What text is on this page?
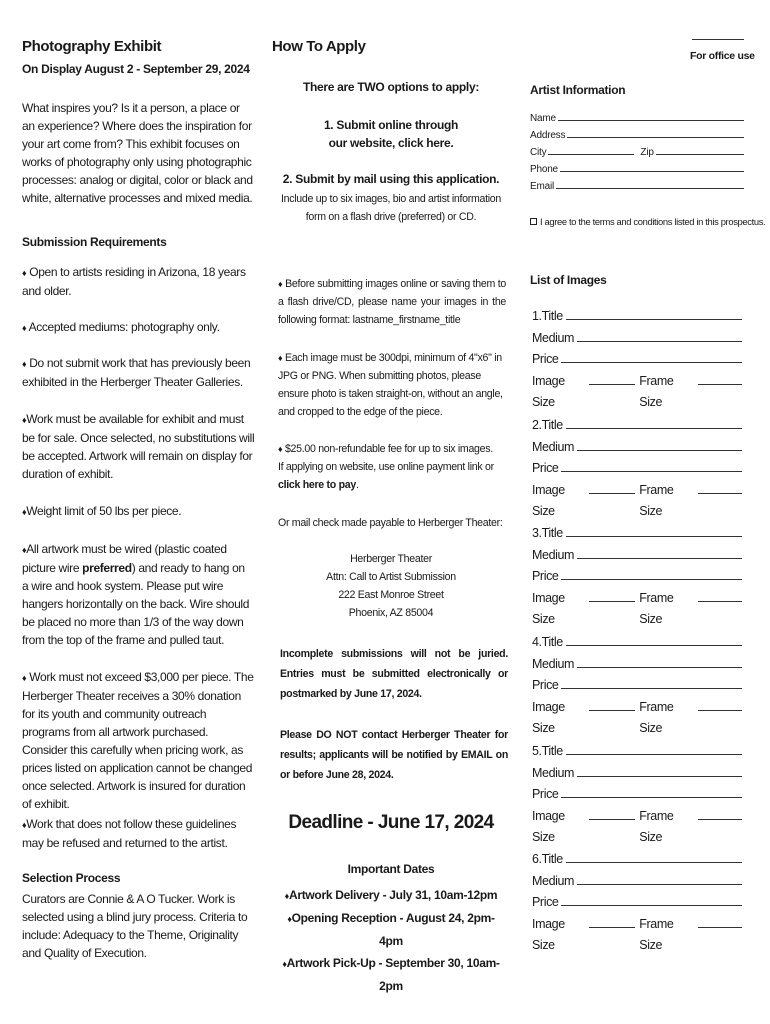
Photography Exhibit
On Display August 2 - September 29, 2024

What inspires you? Is it a person, a place or an experience? Where does the inspiration for your art come from? This exhibit focuses on works of photography only using photographic processes: analog or digital, color or black and white, alternative processes and mixed media.

Submission Requirements

♦ Open to artists residing in Arizona, 18 years and older.

♦ Accepted mediums: photography only.

♦ Do not submit work that has previously been exhibited in the Herberger Theater Galleries.

♦Work must be available for exhibit and must be for sale. Once selected, no substitutions will be accepted. Artwork will remain on display for duration of exhibit.

♦Weight limit of 50 lbs per piece.

♦All artwork must be wired (plastic coated picture wire preferred) and ready to hang on a wire and hook system. Please put wire hangers horizontally on the back. Wire should be placed no more than 1/3 of the way down from the top of the frame and pulled taut.

♦ Work must not exceed $3,000 per piece. The Herberger Theater receives a 30% donation for its youth and community outreach programs from all artwork purchased. Consider this carefully when pricing work, as prices listed on application cannot be changed once selected. Artwork is insured for duration of exhibit.

♦Work that does not follow these guidelines may be refused and returned to the artist.

Selection Process

Curators are Connie & A O Tucker. Work is selected using a blind jury process. Criteria to include: Adequacy to the Theme, Originality and Quality of Execution.

How To Apply
There are TWO options to apply:
1. Submit online through our website, click here.
2. Submit by mail using this application.

Include up to six images, bio and artist information form on a flash drive (preferred) or CD.

♦ Before submitting images online or saving them to a flash drive/CD, please name your images in the following format: lastname_firstname_title

♦ Each image must be 300dpi, minimum of 4"x6" in JPG or PNG. When submitting photos, please ensure photo is taken straight-on, without an angle, and cropped to the edge of the piece.

♦ $25.00 non-refundable fee for up to six images. If applying on website, use online payment link or click here to pay.

Or mail check made payable to Herberger Theater:

Herberger Theater
Attn: Call to Artist Submission
222 East Monroe Street
Phoenix, AZ 85004

Incomplete submissions will not be juried. Entries must be submitted electronically or postmarked by June 17, 2024.

Please DO NOT contact Herberger Theater for results; applicants will be notified by EMAIL on or before June 28, 2024.

Deadline - June 17, 2024
Important Dates
♦Artwork Delivery - July 31, 10am-12pm
♦Opening Reception - August 24, 2pm-4pm
♦Artwork Pick-Up - September 30, 10am-2pm
For office use
Artist Information
Name
Address
City	Zip
Phone
Email
I agree to the terms and conditions listed in this prospectus.
List of Images
1.Title
Medium
Price
Image Size
Frame Size
2.Title
Medium
Price
Image Size
Frame Size
3.Title
Medium
Price
Image Size
Frame Size
4.Title
Medium
Price
Image Size
Frame Size
5.Title
Medium
Price
Image Size
Frame Size
6.Title
Medium
Price
Image Size
Frame Size
